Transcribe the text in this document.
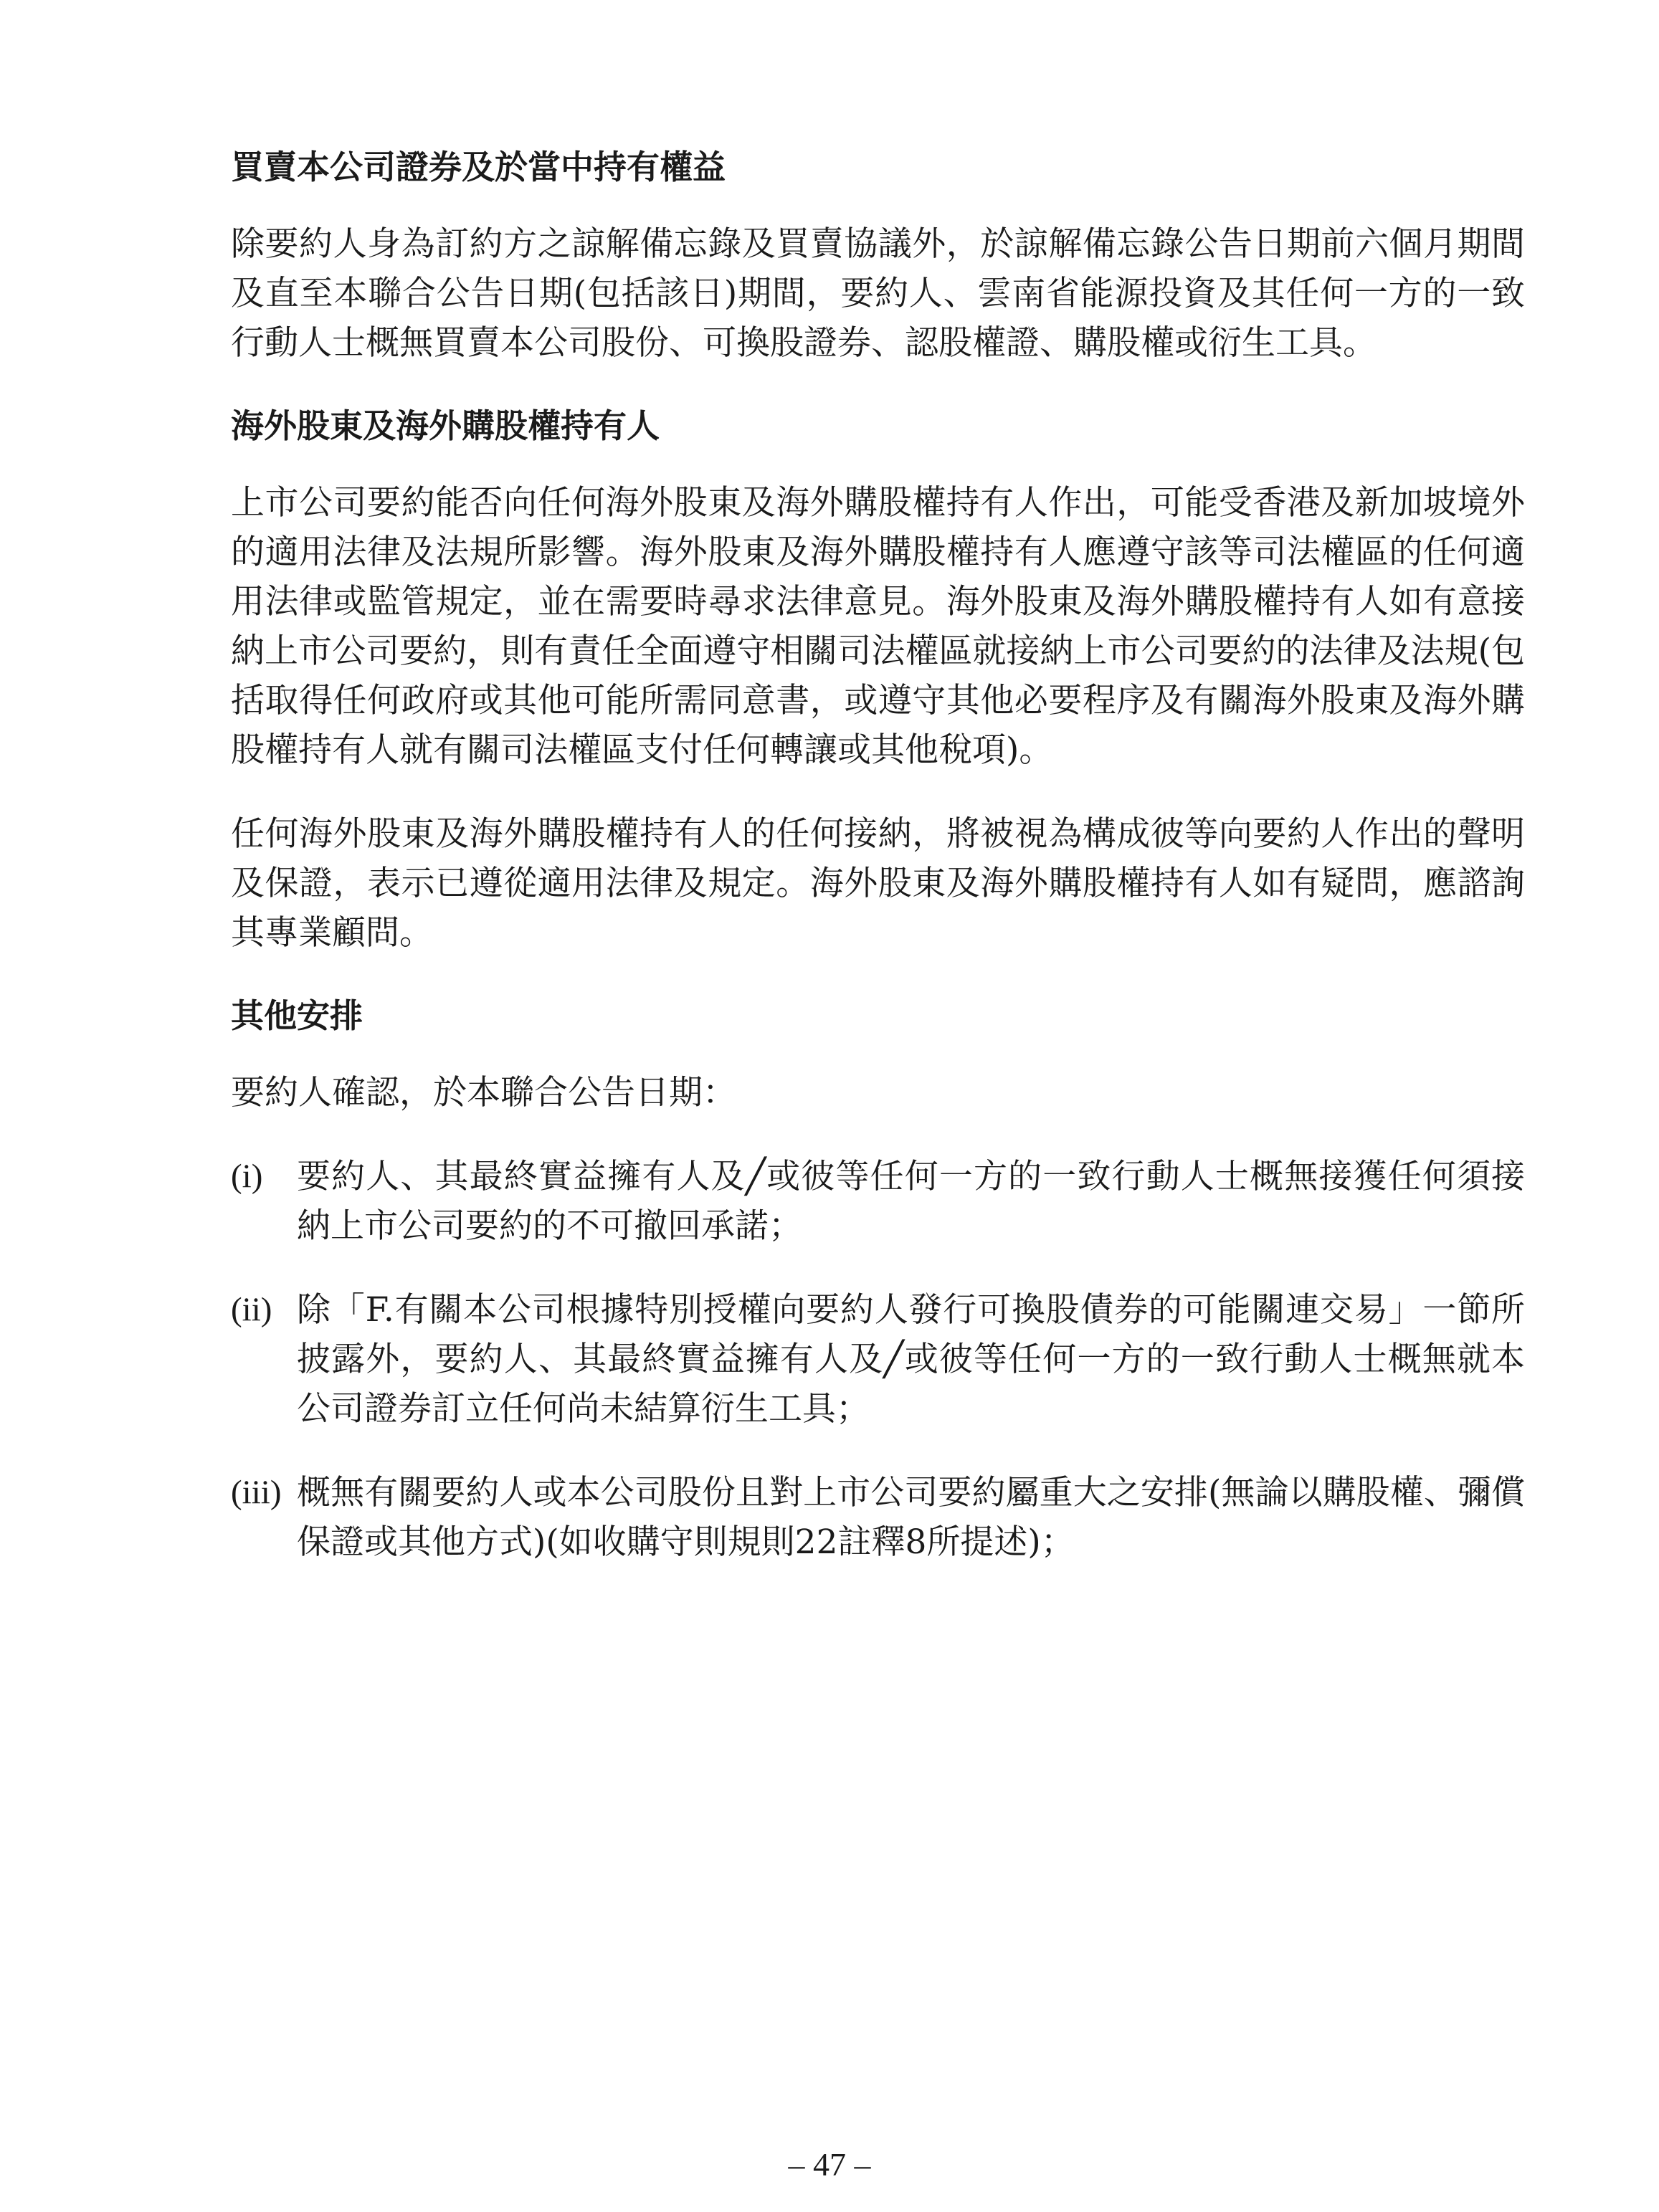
買賣本公司證券及於當中持有權益

除要約人身為訂約方之諒解備忘錄及買賣協議外，於諒解備忘錄公告日期前六個月期間及直至本聯合公告日期(包括該日)期間，要約人、雲南省能源投資及其任何一方的一致行動人士概無買賣本公司股份、可換股證券、認股權證、購股權或衍生工具。

海外股東及海外購股權持有人

上市公司要約能否向任何海外股東及海外購股權持有人作出，可能受香港及新加坡境外的適用法律及法規所影響。海外股東及海外購股權持有人應遵守該等司法權區的任何適用法律或監管規定，並在需要時尋求法律意見。海外股東及海外購股權持有人如有意接納上市公司要約，則有責任全面遵守相關司法權區就接納上市公司要約的法律及法規(包括取得任何政府或其他可能所需同意書，或遵守其他必要程序及有關海外股東及海外購股權持有人就有關司法權區支付任何轉讓或其他稅項)。

任何海外股東及海外購股權持有人的任何接納，將被視為構成彼等向要約人作出的聲明及保證，表示已遵從適用法律及規定。海外股東及海外購股權持有人如有疑問，應諮詢其專業顧問。

其他安排

要約人確認，於本聯合公告日期：

(i) 要約人、其最終實益擁有人及╱或彼等任何一方的一致行動人士概無接獲任何須接納上市公司要約的不可撤回承諾；
(ii) 除「F.有關本公司根據特別授權向要約人發行可換股債券的可能關連交易」一節所披露外，要約人、其最終實益擁有人及╱或彼等任何一方的一致行動人士概無就本公司證券訂立任何尚未結算衍生工具；
(iii) 概無有關要約人或本公司股份且對上市公司要約屬重大之安排(無論以購股權、彌償保證或其他方式)(如收購守則規則22註釋8所提述)；
– 47 –
